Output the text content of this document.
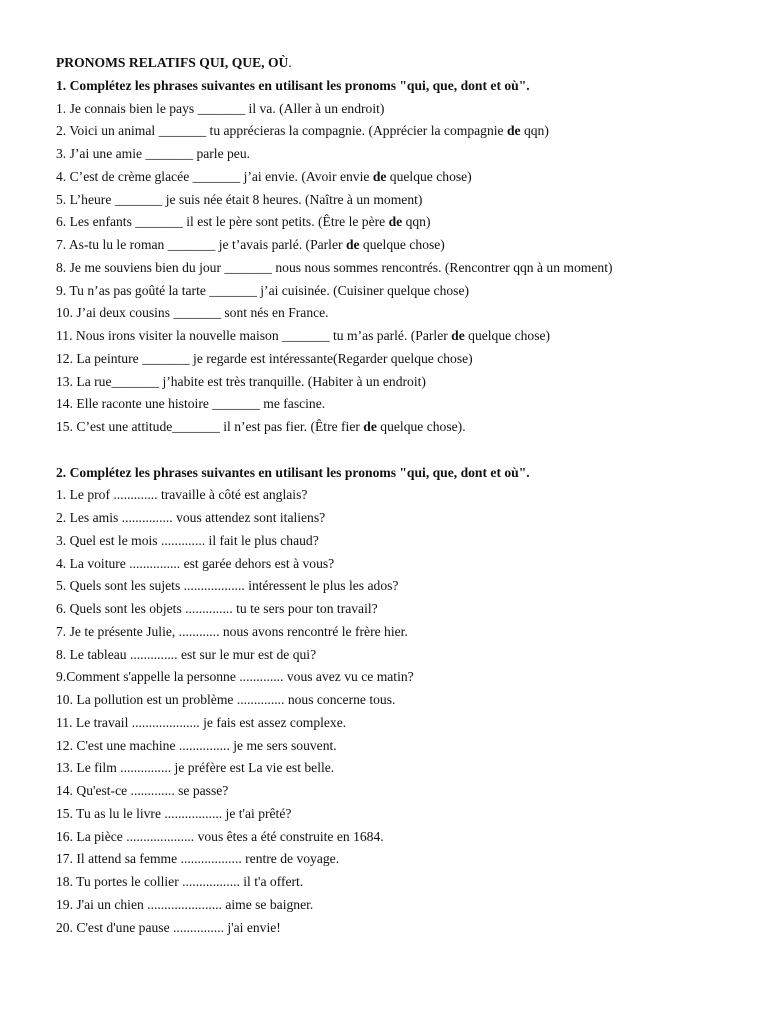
PRONOMS RELATIFS QUI, QUE, OÙ.
1. Complétez les phrases suivantes en utilisant les pronoms "qui, que, dont et où".
1. Je connais bien le pays _______ il va. (Aller à un endroit)
2. Voici un animal _______ tu apprécieras la compagnie. (Apprécier la compagnie de qqn)
3. J’ai une amie _______ parle peu.
4. C’est de crème glacée _______ j’ai envie. (Avoir envie de quelque chose)
5. L’heure _______ je suis née était 8 heures. (Naître à un moment)
6. Les enfants _______ il est le père sont petits. (Être le père de qqn)
7. As-tu lu le roman _______ je t’avais parlé. (Parler de quelque chose)
8. Je me souviens bien du jour _______ nous nous sommes rencontrés. (Rencontrer qqn à un moment)
9. Tu n’as pas goûté la tarte _______ j’ai cuisinée. (Cuisiner quelque chose)
10. J’ai deux cousins _______ sont nés en France.
11. Nous irons visiter la nouvelle maison _______ tu m’as parlé. (Parler de quelque chose)
12. La peinture _______ je regarde est intéressante(Regarder quelque chose)
13. La rue_______ j’habite est très tranquille. (Habiter à un endroit)
14. Elle raconte une histoire _______ me fascine.
15. C’est une attitude_______ il n’est pas fier. (Être fier de quelque chose).
2. Complétez les phrases suivantes en utilisant les pronoms "qui, que, dont et où".
1. Le prof ............. travaille à côté est anglais?
2. Les amis ............... vous attendez sont italiens?
3. Quel est le mois ............. il fait le plus chaud?
4. La voiture ............... est garée dehors est à vous?
5. Quels sont les sujets .................. intéressent le plus les ados?
6. Quels sont les objets .............. tu te sers pour ton travail?
7. Je te présente Julie, ............ nous avons rencontré le frère hier.
8. Le tableau .............. est sur le mur est de qui?
9.Comment s'appelle la personne ............. vous avez vu ce matin?
10. La pollution est un problème .............. nous concerne tous.
11. Le travail .................... je fais est assez complexe.
12. C'est une machine ............... je me sers souvent.
13. Le film ............... je préfère est La vie est belle.
14. Qu'est-ce ............. se passe?
15. Tu as lu le livre ................. je t'ai prêté?
16. La pièce .................... vous êtes a été construite en 1684.
17. Il attend sa femme .................. rentre de voyage.
18. Tu portes le collier ................. il t'a offert.
19. J'ai un chien ...................... aime se baigner.
20. C'est d'une pause ............... j'ai envie!
